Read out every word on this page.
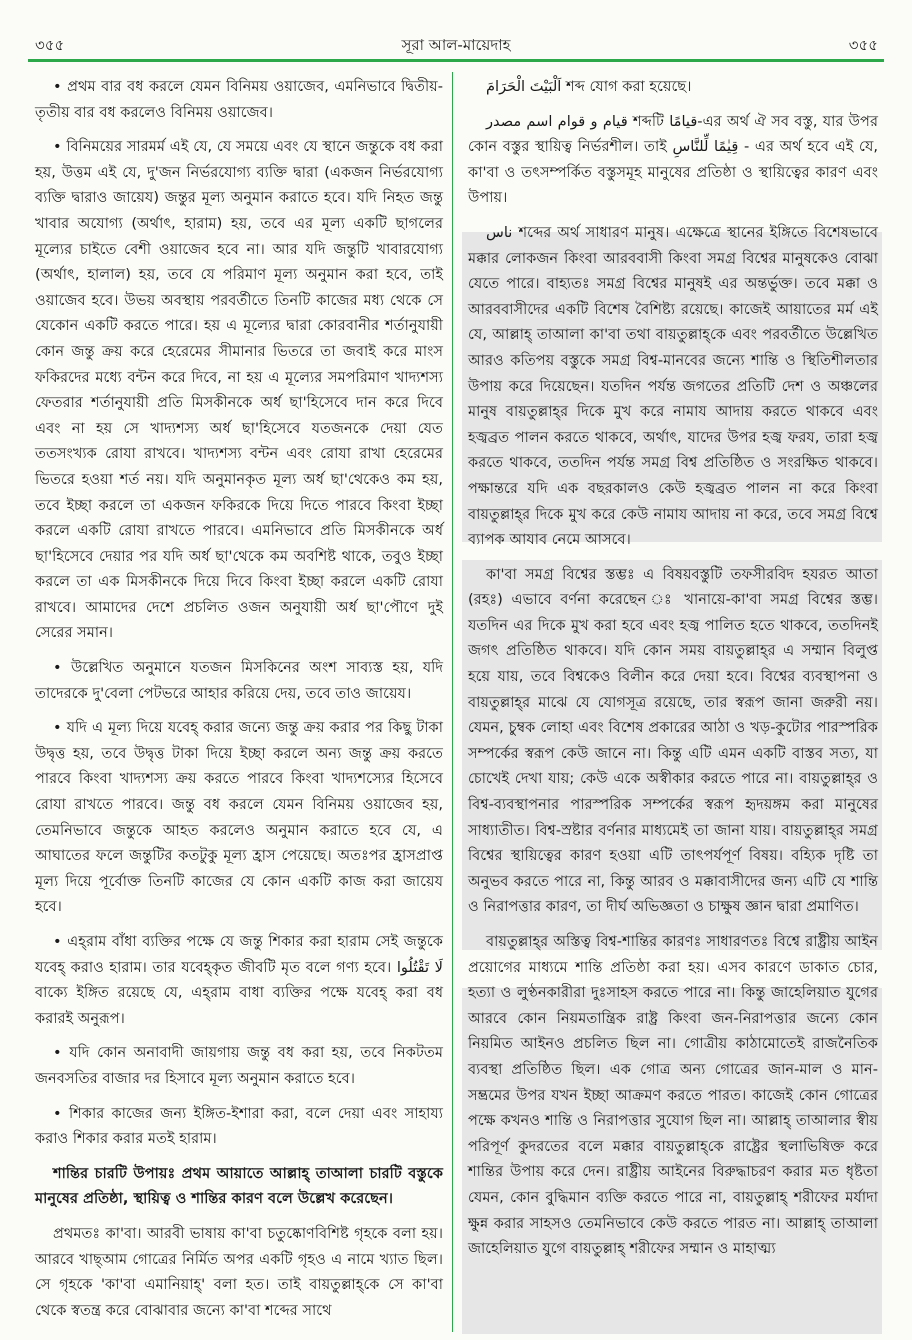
৩৫৫	সূরা আল-মায়েদাহ	৩৫৫

• প্রথম বার বধ করলে যেমন বিনিময় ওয়াজেব, এমনিভাবে দ্বিতীয়-তৃতীয় বার বধ করলেও বিনিময় ওয়াজেব।

• বিনিময়ের সারমর্ম এই যে, যে সময়ে এবং যে স্থানে জন্তুকে বধ করা হয়, উত্তম এই যে, দু'জন নির্ভরযোগ্য ব্যক্তি দ্বারা (একজন নির্ভরযোগ্য ব্যক্তি দ্বারাও জায়েয) জন্তুর মূল্য অনুমান করাতে হবে। যদি নিহত জন্তু খাবার অযোগ্য (অর্থাৎ, হারাম) হয়, তবে এর মূল্য একটি ছাগলের মূল্যের চাইতে বেশী ওয়াজেব হবে না। আর যদি জন্তুটি খাবারযোগ্য (অর্থাৎ, হালাল) হয়, তবে যে পরিমাণ মূল্য অনুমান করা হবে, তাই ওয়াজেব হবে। উভয় অবস্থায় পরবর্তীতে তিনটি কাজের মধ্য থেকে সে যেকোন একটি করতে পারে। হয় এ মূল্যের দ্বারা কোরবানীর শর্তানুযায়ী কোন জন্তু ক্রয় করে হেরেমের সীমানার ভিতরে তা জবাই করে মাংস ফকিরদের মধ্যে বন্টন করে দিবে, না হয় এ মূল্যের সমপরিমাণ খাদ্যশস্য ফেতরার শর্তানুযায়ী প্রতি মিসকীনকে অর্ধ ছা'হিসেবে দান করে দিবে এবং না হয় সে খাদ্যশস্য অর্ধ ছা'হিসেবে যতজনকে দেয়া যেত ততসংখ্যক রোযা রাখবে। খাদ্যশস্য বন্টন এবং রোযা রাখা হেরেমের ভিতরে হওয়া শর্ত নয়। যদি অনুমানকৃত মূল্য অর্ধ ছা'থেকেও কম হয়, তবে ইচ্ছা করলে তা একজন ফকিরকে দিয়ে দিতে পারবে কিংবা ইচ্ছা করলে একটি রোযা রাখতে পারবে। এমনিভাবে প্রতি মিসকীনকে অর্ধ ছা'হিসেবে দেয়ার পর যদি অর্ধ ছা'থেকে কম অবশিষ্ট থাকে, তবুও ইচ্ছা করলে তা এক মিসকীনকে দিয়ে দিবে কিংবা ইচ্ছা করলে একটি রোযা রাখবে। আমাদের দেশে প্রচলিত ওজন অনুযায়ী অর্ধ ছা'পৌণে দুই সেরের সমান।

• উল্লেখিত অনুমানে যতজন মিসকিনের অংশ সাব্যস্ত হয়, যদি তাদেরকে দু'বেলা পেটভরে আহার করিয়ে দেয়, তবে তাও জায়েয।

• যদি এ মূল্য দিয়ে যবেহ্ করার জন্যে জন্তু ক্রয় করার পর কিছু টাকা উদ্বৃত্ত হয়, তবে উদ্বৃত্ত টাকা দিয়ে ইচ্ছা করলে অন্য জন্তু ক্রয় করতে পারবে কিংবা খাদ্যশস্য ক্রয় করতে পারবে কিংবা খাদ্যশস্যের হিসেবে রোযা রাখতে পারবে। জন্তু বধ করলে যেমন বিনিময় ওয়াজেব হয়, তেমনিভাবে জন্তুকে আহত করলেও অনুমান করাতে হবে যে, এ আঘাতের ফলে জন্তুটির কতটুকু মূল্য হ্রাস পেয়েছে। অতঃপর হ্রাসপ্রাপ্ত মূল্য দিয়ে পূর্বোক্ত তিনটি কাজের যে কোন একটি কাজ করা জায়েয হবে।

• এহ্‌রাম বাঁধা ব্যক্তির পক্ষে যে জন্তু শিকার করা হারাম সেই জন্তুকে যবেহ্ করাও হারাম। তার যবেহ্‌কৃত জীবটি মৃত বলে গণ্য হবে। لَا تَقْتُلُوا বাক্যে ইঙ্গিত রয়েছে যে, এহ্‌রাম বাধা ব্যক্তির পক্ষে যবেহ্ করা বধ করারই অনুরূপ।

• যদি কোন অনাবাদী জায়গায় জন্তু বধ করা হয়, তবে নিকটতম জনবসতির বাজার দর হিসাবে মূল্য অনুমান করাতে হবে।

• শিকার কাজের জন্য ইঙ্গিত-ইশারা করা, বলে দেয়া এবং সাহায্য করাও শিকার করার মতই হারাম।

শান্তির চারটি উপায়ঃ প্রথম আয়াতে আল্লাহ্ তাআলা চারটি বস্তুকে মানুষের প্রতিষ্ঠা, স্থায়িত্ব ও শান্তির কারণ বলে উল্লেখ করেছেন।

প্রথমতঃ কা'বা। আরবী ভাষায় কা'বা চতুষ্কোণবিশিষ্ট গৃহকে বলা হয়। আরবে খাছ্‌আম গোত্রের নির্মিত অপর একটি গৃহও এ নামে খ্যাত ছিল। সে গৃহকে 'কা'বা এমানিয়াহ্' বলা হত। তাই বায়তুল্লাহ্‌কে সে কা'বা থেকে স্বতন্ত্র করে বোঝাবার জন্যে কা'বা শব্দের সাথে

اَلْبَيْتَ الْحَرَامَ শব্দ যোগ করা হয়েছে।

قيام و قوام اسم مصدر শব্দটি قيامًا-এর অর্থ ঐ সব বস্তু, যার উপর কোন বস্তুর স্থায়িত্ব নির্ভরশীল। তাই قِيٰمًا لِّلنَّاسِ - এর অর্থ হবে এই যে, কা'বা ও তৎসম্পর্কিত বস্তুসমূহ মানুষের প্রতিষ্ঠা ও স্থায়িত্বের কারণ এবং উপায়।

ناس শব্দের অর্থ সাধারণ মানুষ। এক্ষেত্রে স্থানের ইঙ্গিতে বিশেষভাবে মক্কার লোকজন কিংবা আরববাসী কিংবা সমগ্র বিশ্বের মানুষকেও বোঝা যেতে পারে। বাহ্যতঃ সমগ্র বিশ্বের মানুষই এর অন্তর্ভুক্ত। তবে মক্কা ও আরববাসীদের একটি বিশেষ বৈশিষ্ট্য রয়েছে। কাজেই আয়াতের মর্ম এই যে, আল্লাহ্ তাআলা কা'বা তথা বায়তুল্লাহ্‌কে এবং পরবর্তীতে উল্লেখিত আরও কতিপয় বস্তুকে সমগ্র বিশ্ব-মানবের জন্যে শান্তি ও স্থিতিশীলতার উপায় করে দিয়েছেন। যতদিন পর্যন্ত জগতের প্রতিটি দেশ ও অঞ্চলের মানুষ বায়তুল্লাহ্‌র দিকে মুখ করে নামায আদায় করতে থাকবে এবং হজ্বব্রত পালন করতে থাকবে, অর্থাৎ, যাদের উপর হজ্ব ফরয, তারা হজ্ব করতে থাকবে, ততদিন পর্যন্ত সমগ্র বিশ্ব প্রতিষ্ঠিত ও সংরক্ষিত থাকবে। পক্ষান্তরে যদি এক বছরকালও কেউ হজ্বব্রত পালন না করে কিংবা বায়তুল্লাহ্‌র দিকে মুখ করে কেউ নামায আদায় না করে, তবে সমগ্র বিশ্বে ব্যাপক আযাব নেমে আসবে।

কা'বা সমগ্র বিশ্বের স্তম্ভঃ এ বিষয়বস্তুটি তফসীরবিদ হযরত আতা (রহঃ) এভাবে বর্ণনা করেছেন ঃ খানায়ে-কা'বা সমগ্র বিশ্বের স্তম্ভ। যতদিন এর দিকে মুখ করা হবে এবং হজ্ব পালিত হতে থাকবে, ততদিনই জগৎ প্রতিষ্ঠিত থাকবে। যদি কোন সময় বায়তুল্লাহ্‌র এ সম্মান বিলুপ্ত হয়ে যায়, তবে বিশ্বকেও বিলীন করে দেয়া হবে। বিশ্বের ব্যবস্থাপনা ও বায়তুল্লাহ্‌র মাঝে যে যোগসূত্র রয়েছে, তার স্বরূপ জানা জরুরী নয়। যেমন, চুম্বক লোহা এবং বিশেষ প্রকারের আঠা ও খড়-কুটোর পারস্পরিক সম্পর্কের স্বরূপ কেউ জানে না। কিন্তু এটি এমন একটি বাস্তব সত্য, যা চোখেই দেখা যায়; কেউ একে অস্বীকার করতে পারে না। বায়তুল্লাহ্‌র ও বিশ্ব-ব্যবস্থাপনার পারস্পরিক সম্পর্কের স্বরূপ হৃদয়ঙ্গম করা মানুষের সাধ্যাতীত। বিশ্ব-স্রষ্টার বর্ণনার মাধ্যমেই তা জানা যায়। বায়তুল্লাহ্‌র সমগ্র বিশ্বের স্থায়িত্বের কারণ হওয়া এটি তাৎপর্যপূর্ণ বিষয়। বহ্যিক দৃষ্টি তা অনুভব করতে পারে না, কিন্তু আরব ও মক্কাবাসীদের জন্য এটি যে শান্তি ও নিরাপত্তার কারণ, তা দীর্ঘ অভিজ্ঞতা ও চাক্ষুষ জ্ঞান দ্বারা প্রমাণিত।

বায়তুল্লাহ্‌র অস্তিত্ব বিশ্ব-শান্তির কারণঃ সাধারণতঃ বিশ্বে রাষ্ট্রীয় আইন প্রয়োগের মাধ্যমে শান্তি প্রতিষ্ঠা করা হয়। এসব কারণে ডাকাত চোর, হত্যা ও লুণ্ঠনকারীরা দুঃসাহস করতে পারে না। কিন্তু জাহেলিয়াত যুগের আরবে কোন নিয়মতান্ত্রিক রাষ্ট্র কিংবা জন-নিরাপত্তার জন্যে কোন নিয়মিত আইনও প্রচলিত ছিল না। গোত্রীয় কাঠামোতেই রাজনৈতিক ব্যবস্থা প্রতিষ্ঠিত ছিল। এক গোত্র অন্য গোত্রের জান-মাল ও মান-সম্ভ্রমের উপর যখন ইচ্ছা আক্রমণ করতে পারত। কাজেই কোন গোত্রের পক্ষে কখনও শান্তি ও নিরাপত্তার সুযোগ ছিল না। আল্লাহ্ তাআলার স্বীয় পরিপূর্ণ কুদরতের বলে মক্কার বায়তুল্লাহ্‌কে রাষ্ট্রের স্থলাভিষিক্ত করে শান্তির উপায় করে দেন। রাষ্ট্রীয় আইনের বিরুদ্ধাচরণ করার মত ধৃষ্টতা যেমন, কোন বুদ্ধিমান ব্যক্তি করতে পারে না, বায়তুল্লাহ্ শরীফের মর্যাদা ক্ষুন্ন করার সাহসও তেমনিভাবে কেউ করতে পারত না। আল্লাহ্ তাআলা জাহেলিয়াত যুগে বায়তুল্লাহ্ শরীফের সম্মান ও মাহাত্ম্য
